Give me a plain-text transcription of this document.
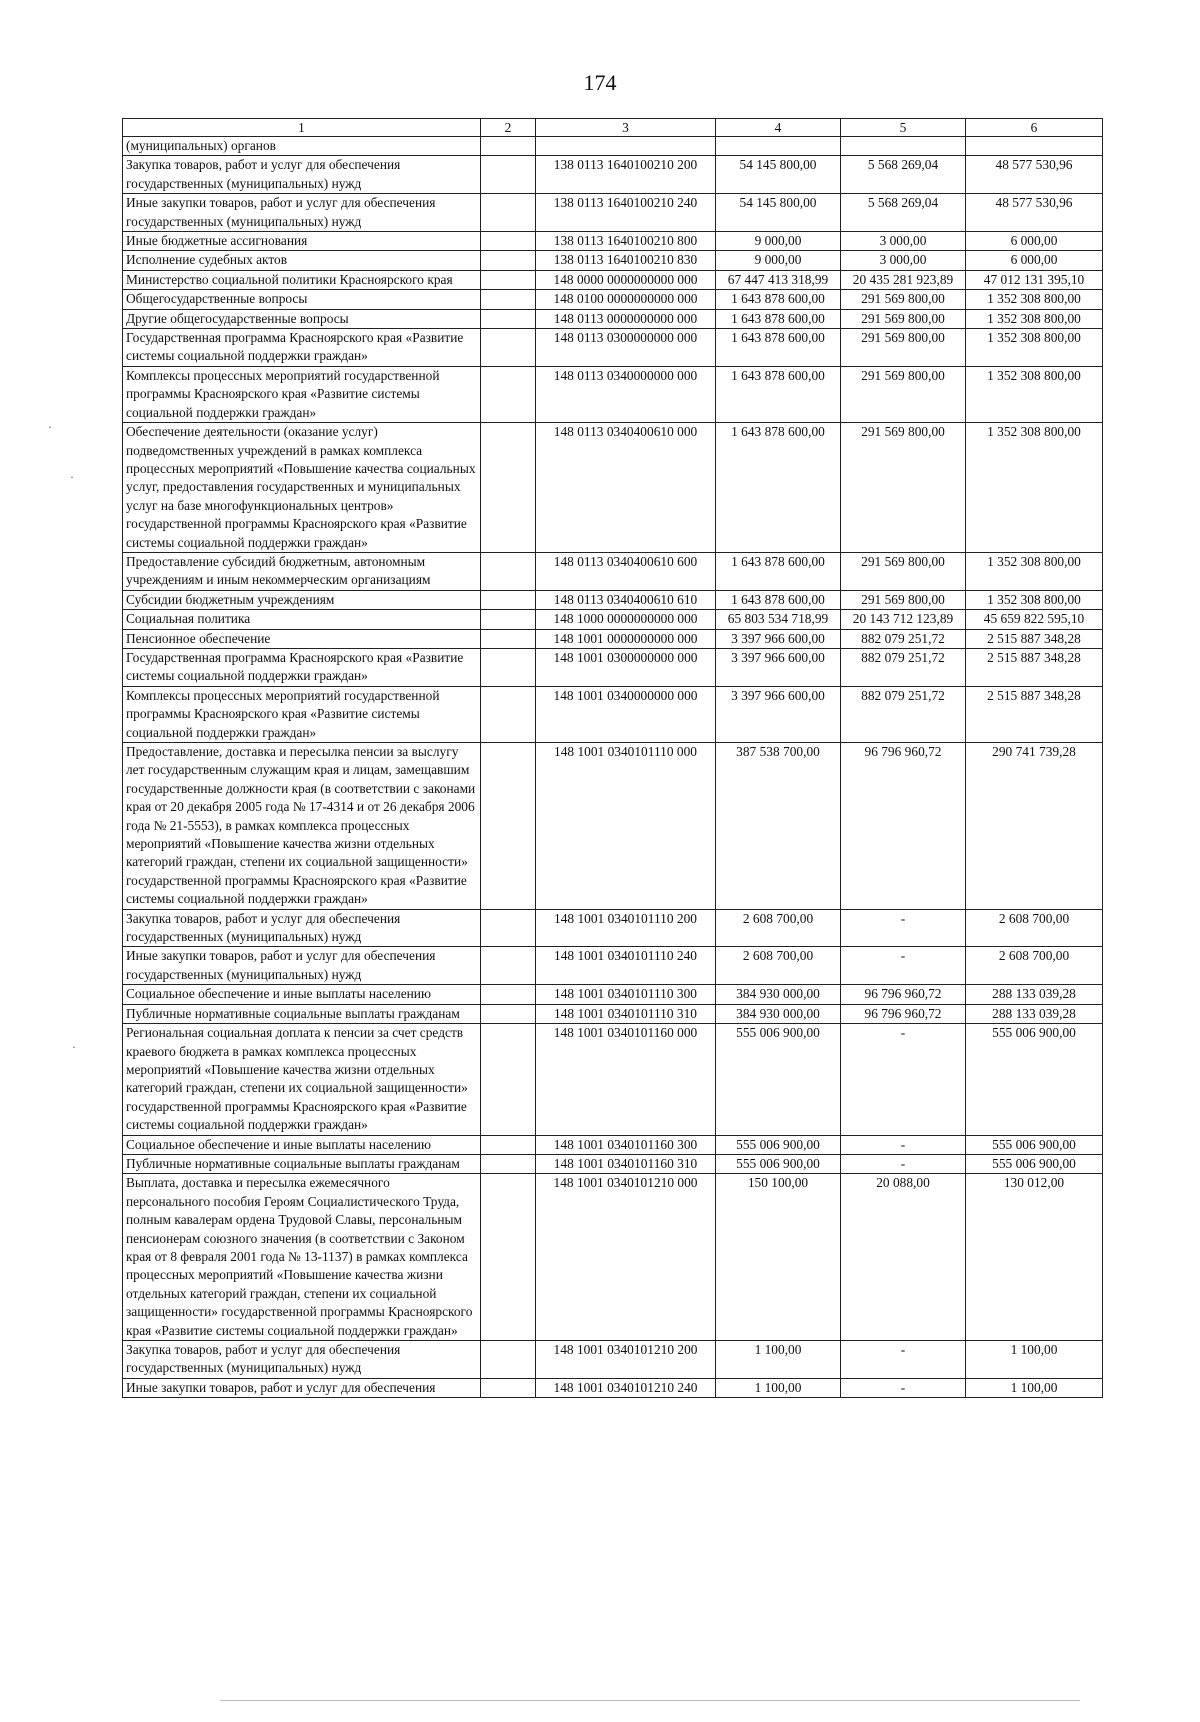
174
1	2	3	4	5	6
(муниципальных) органов					
Закупка товаров, работ и услуг для обеспечения государственных (муниципальных) нужд		138 0113 1640100210 200	54 145 800,00	5 568 269,04	48 577 530,96
Иные закупки товаров, работ и услуг для обеспечения государственных (муниципальных) нужд		138 0113 1640100210 240	54 145 800,00	5 568 269,04	48 577 530,96
Иные бюджетные ассигнования		138 0113 1640100210 800	9 000,00	3 000,00	6 000,00
Исполнение судебных актов		138 0113 1640100210 830	9 000,00	3 000,00	6 000,00
Министерство социальной политики Красноярского края		148 0000 0000000000 000	67 447 413 318,99	20 435 281 923,89	47 012 131 395,10
Общегосударственные вопросы		148 0100 0000000000 000	1 643 878 600,00	291 569 800,00	1 352 308 800,00
Другие общегосударственные вопросы		148 0113 0000000000 000	1 643 878 600,00	291 569 800,00	1 352 308 800,00
Государственная программа Красноярского края «Развитие системы социальной поддержки граждан»		148 0113 0300000000 000	1 643 878 600,00	291 569 800,00	1 352 308 800,00
Комплексы процессных мероприятий государственной программы Красноярского края «Развитие системы социальной поддержки граждан»		148 0113 0340000000 000	1 643 878 600,00	291 569 800,00	1 352 308 800,00
Обеспечение деятельности (оказание услуг) подведомственных учреждений в рамках комплекса процессных мероприятий «Повышение качества социальных услуг, предоставления государственных и муниципальных услуг на базе многофункциональных центров» государственной программы Красноярского края «Развитие системы социальной поддержки граждан»		148 0113 0340400610 000	1 643 878 600,00	291 569 800,00	1 352 308 800,00
Предоставление субсидий бюджетным, автономным учреждениям и иным некоммерческим организациям		148 0113 0340400610 600	1 643 878 600,00	291 569 800,00	1 352 308 800,00
Субсидии бюджетным учреждениям		148 0113 0340400610 610	1 643 878 600,00	291 569 800,00	1 352 308 800,00
Социальная политика		148 1000 0000000000 000	65 803 534 718,99	20 143 712 123,89	45 659 822 595,10
Пенсионное обеспечение		148 1001 0000000000 000	3 397 966 600,00	882 079 251,72	2 515 887 348,28
Государственная программа Красноярского края «Развитие системы социальной поддержки граждан»		148 1001 0300000000 000	3 397 966 600,00	882 079 251,72	2 515 887 348,28
Комплексы процессных мероприятий государственной программы Красноярского края «Развитие системы социальной поддержки граждан»		148 1001 0340000000 000	3 397 966 600,00	882 079 251,72	2 515 887 348,28
Предоставление, доставка и пересылка пенсии за выслугу лет государственным служащим края и лицам, замещавшим государственные должности края (в соответствии с законами края от 20 декабря 2005 года № 17-4314 и от 26 декабря 2006 года № 21-5553), в рамках комплекса процессных мероприятий «Повышение качества жизни отдельных категорий граждан, степени их социальной защищенности» государственной программы Красноярского края «Развитие системы социальной поддержки граждан»		148 1001 0340101110 000	387 538 700,00	96 796 960,72	290 741 739,28
Закупка товаров, работ и услуг для обеспечения государственных (муниципальных) нужд		148 1001 0340101110 200	2 608 700,00	-	2 608 700,00
Иные закупки товаров, работ и услуг для обеспечения государственных (муниципальных) нужд		148 1001 0340101110 240	2 608 700,00	-	2 608 700,00
Социальное обеспечение и иные выплаты населению		148 1001 0340101110 300	384 930 000,00	96 796 960,72	288 133 039,28
Публичные нормативные социальные выплаты гражданам		148 1001 0340101110 310	384 930 000,00	96 796 960,72	288 133 039,28
Региональная социальная доплата к пенсии за счет средств краевого бюджета в рамках комплекса процессных мероприятий «Повышение качества жизни отдельных категорий граждан, степени их социальной защищенности» государственной программы Красноярского края «Развитие системы социальной поддержки граждан»		148 1001 0340101160 000	555 006 900,00	-	555 006 900,00
Социальное обеспечение и иные выплаты населению		148 1001 0340101160 300	555 006 900,00	-	555 006 900,00
Публичные нормативные социальные выплаты гражданам		148 1001 0340101160 310	555 006 900,00	-	555 006 900,00
Выплата, доставка и пересылка ежемесячного персонального пособия Героям Социалистического Труда, полным кавалерам ордена Трудовой Славы, персональным пенсионерам союзного значения (в соответствии с Законом края от 8 февраля 2001 года № 13-1137) в рамках комплекса процессных мероприятий «Повышение качества жизни отдельных категорий граждан, степени их социальной защищенности» государственной программы Красноярского края «Развитие системы социальной поддержки граждан»		148 1001 0340101210 000	150 100,00	20 088,00	130 012,00
Закупка товаров, работ и услуг для обеспечения государственных (муниципальных) нужд		148 1001 0340101210 200	1 100,00	-	1 100,00
Иные закупки товаров, работ и услуг для обеспечения		148 1001 0340101210 240	1 100,00	-	1 100,00
·
·
·
